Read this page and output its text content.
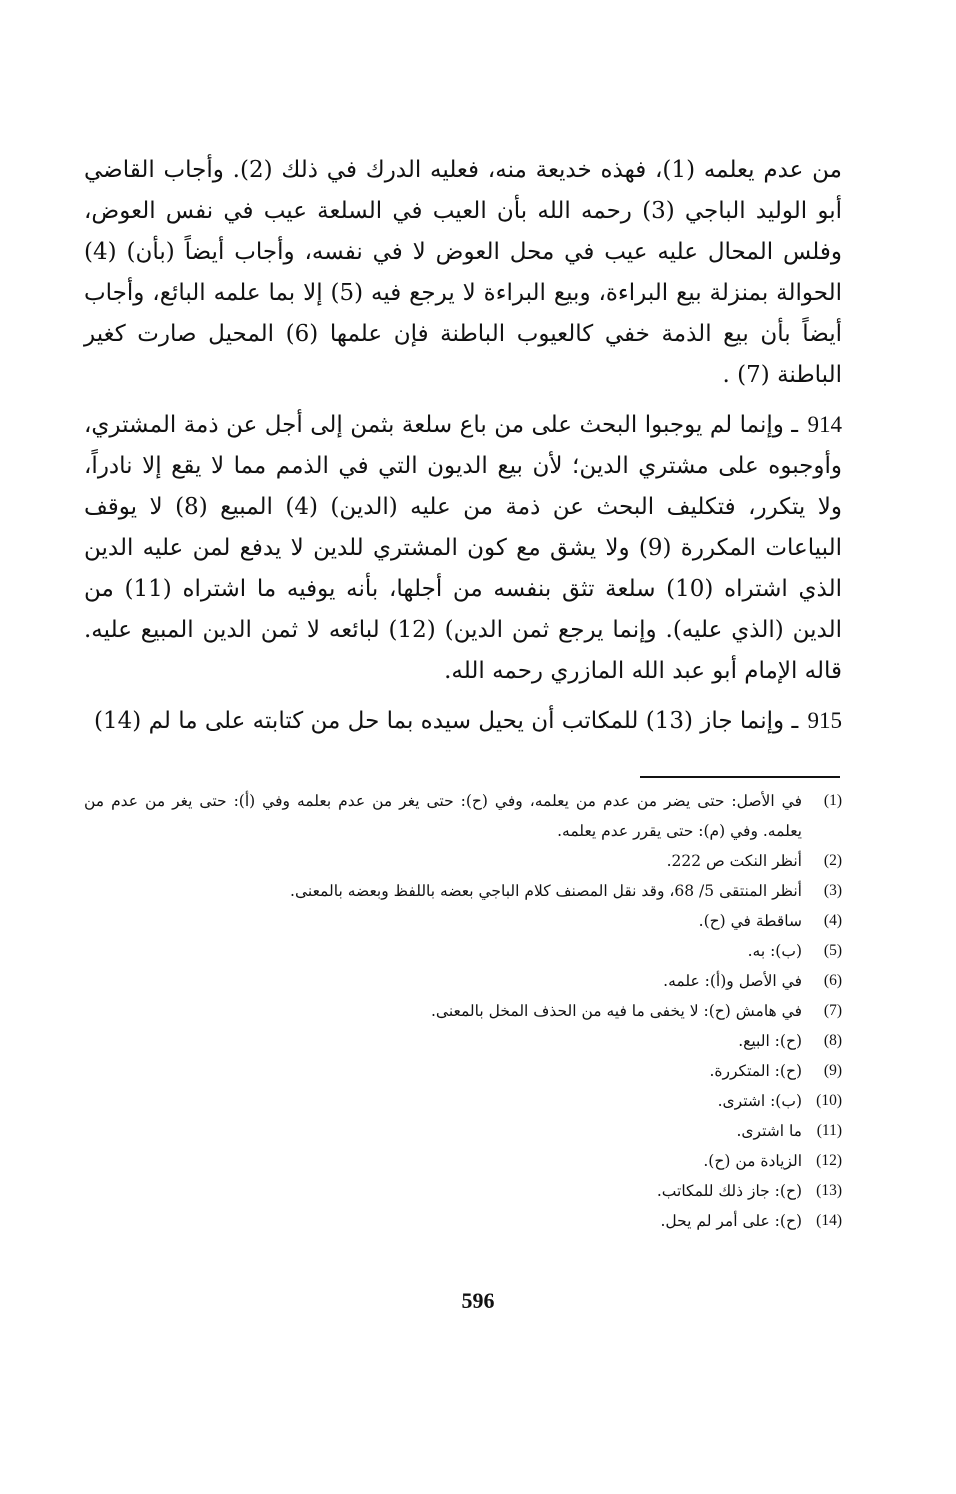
من عدم يعلمه (1)، فهذه خديعة منه، فعليه الدرك في ذلك (2). وأجاب القاضي أبو الوليد الباجي (3) رحمه الله بأن العيب في السلعة عيب في نفس العوض، وفلس المحال عليه عيب في محل العوض لا في نفسه، وأجاب أيضاً (بأن) (4) الحوالة بمنزلة بيع البراءة، وبيع البراءة لا يرجع فيه (5) إلا بما علمه البائع، وأجاب أيضاً بأن بيع الذمة خفي كالعيوب الباطنة فإن علمها (6) المحيل صارت كغير الباطنة (7) .

914 ـ وإنما لم يوجبوا البحث على من باع سلعة بثمن إلى أجل عن ذمة المشتري، وأوجبوه على مشتري الدين؛ لأن بيع الديون التي في الذمم مما لا يقع إلا نادراً، ولا يتكرر، فتكليف البحث عن ذمة من عليه (الدين) (4) المبيع (8) لا يوقف البياعات المكررة (9) ولا يشق مع كون المشتري للدين لا يدفع لمن عليه الدين الذي اشتراه (10) سلعة تثق بنفسه من أجلها، بأنه يوفيه ما اشتراه (11) من الدين (الذي عليه). وإنما يرجع ثمن الدين) (12) لبائعه لا ثمن الدين المبيع عليه. قاله الإمام أبو عبد الله المازري رحمه الله.

915 ـ وإنما جاز (13) للمكاتب أن يحيل سيده بما حل من كتابته على ما لم (14)

(1)
في الأصل: حتى يضر من عدم من يعلمه، وفي (ح): حتى يغر من عدم بعلمه وفي (أ): حتى يغر من عدم من يعلمه. وفي (م): حتى يقرر عدم يعلمه.
(2)
أنظر النكت ص 222.
(3)
أنظر المنتقى 5/ 68، وقد نقل المصنف كلام الباجي بعضه باللفظ وبعضه بالمعنى.
(4)
ساقطة في (ح).
(5)
(ب): به.
(6)
في الأصل و(أ): علمه.
(7)
في هامش (ح): لا يخفى ما فيه من الحذف المخل بالمعنى.
(8)
(ح): البيع.
(9)
(ح): المتكررة.
(10)
(ب): اشترى.
(11)
ما اشترى.
(12)
الزيادة من (ح).
(13)
(ح): جاز ذلك للمكاتب.
(14)
(ح): على أمر لم يحل.
596
